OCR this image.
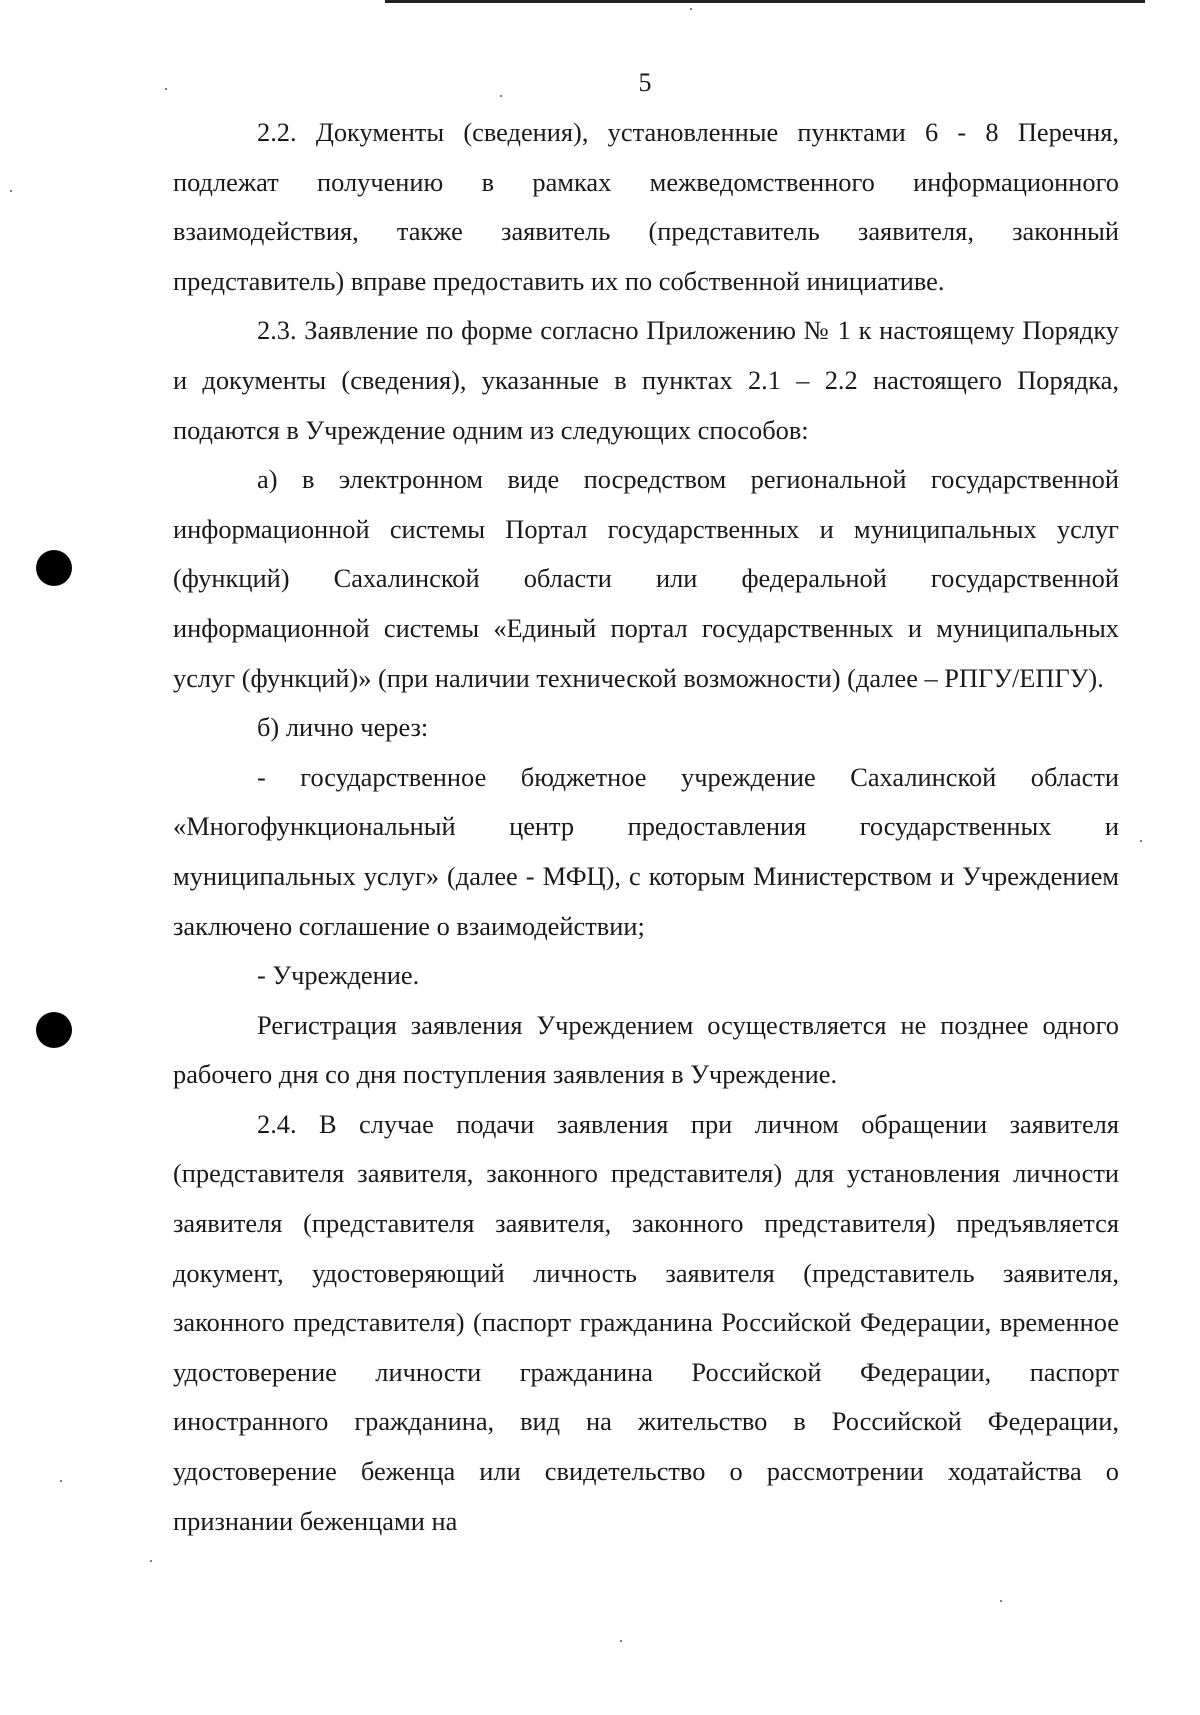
5

2.2. Документы (сведения), установленные пунктами 6 - 8 Перечня, подлежат получению в рамках межведомственного информационного взаимодействия, также заявитель (представитель заявителя, законный представитель) вправе предоставить их по собственной инициативе.

2.3. Заявление по форме согласно Приложению № 1 к настоящему Порядку и документы (сведения), указанные в пунктах 2.1 – 2.2 настоящего Порядка, подаются в Учреждение одним из следующих способов:

а) в электронном виде посредством региональной государственной информационной системы Портал государственных и муниципальных услуг (функций) Сахалинской области или федеральной государственной информационной системы «Единый портал государственных и муниципальных услуг (функций)» (при наличии технической возможности) (далее – РПГУ/ЕПГУ).

б) лично через:

- государственное бюджетное учреждение Сахалинской области «Многофункциональный центр предоставления государственных и муниципальных услуг» (далее - МФЦ), с которым Министерством и Учреждением заключено соглашение о взаимодействии;

- Учреждение.

Регистрация заявления Учреждением осуществляется не позднее одного рабочего дня со дня поступления заявления в Учреждение.

2.4. В случае подачи заявления при личном обращении заявителя (представителя заявителя, законного представителя) для установления личности заявителя (представителя заявителя, законного представителя) предъявляется документ, удостоверяющий личность заявителя (представитель заявителя, законного представителя) (паспорт гражданина Российской Федерации, временное удостоверение личности гражданина Российской Федерации, паспорт иностранного гражданина, вид на жительство в Российской Федерации, удостоверение беженца или свидетельство о рассмотрении ходатайства о признании беженцами на
